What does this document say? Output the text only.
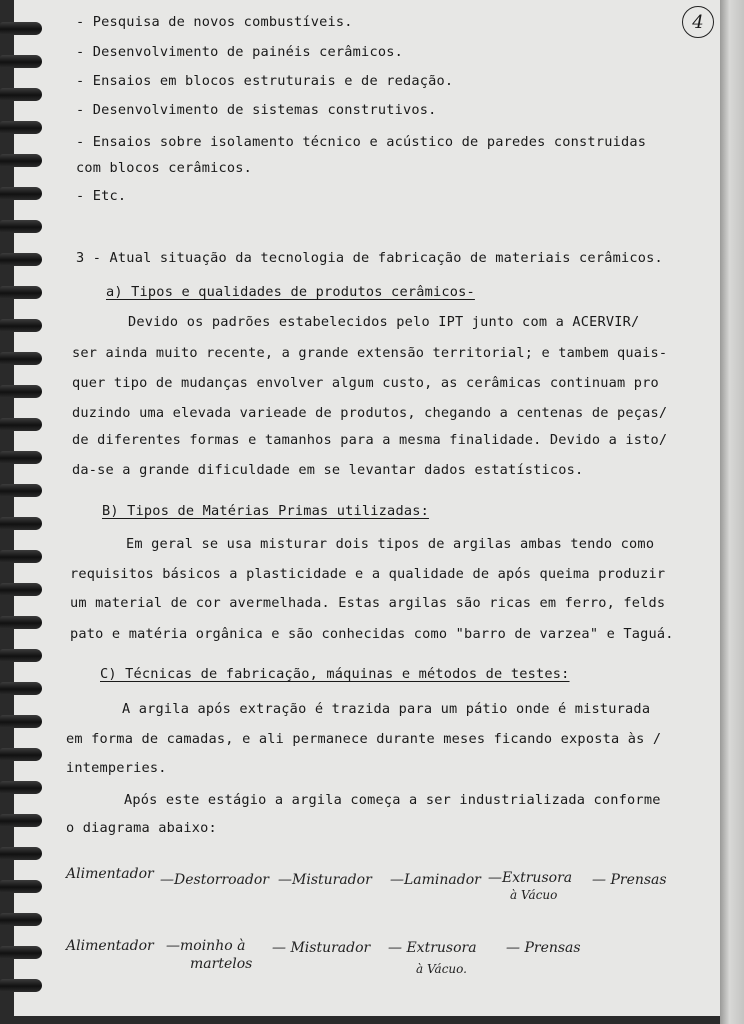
4
- Pesquisa de novos combustíveis.
- Desenvolvimento de painéis cerâmicos.
- Ensaios em blocos estruturais e de redação.
- Desenvolvimento de sistemas construtivos.
- Ensaios sobre isolamento técnico e acústico de paredes construidas
com blocos cerâmicos.
- Etc.
3 - Atual situação da tecnologia de fabricação de materiais cerâmicos.
a) Tipos e qualidades de produtos cerâmicos-
Devido os padrões estabelecidos pelo IPT junto com a ACERVIR/
ser ainda muito recente, a grande extensão territorial; e tambem quais-
quer tipo de mudanças envolver algum custo, as cerâmicas continuam pro
duzindo uma elevada varieade de produtos, chegando a centenas de peças/
de diferentes formas e tamanhos para a mesma finalidade. Devido a isto/
da-se a grande dificuldade em se levantar dados estatísticos.
B) Tipos de Matérias Primas utilizadas:
Em geral se usa misturar dois tipos de argilas ambas tendo como
requisitos básicos a plasticidade e a qualidade de após queima produzir
um material de cor avermelhada. Estas argilas são ricas em ferro, felds
pato e matéria orgânica e são conhecidas como "barro de varzea" e Taguá.
C) Técnicas de fabricação, máquinas e métodos de testes:
A argila após extração é trazida para um pátio onde é misturada
em forma de camadas, e ali permanece durante meses ficando exposta às /
intemperies.
Após este estágio a argila começa a ser industrializada conforme
o diagrama abaixo:
Alimentador —Destorroador —Misturador —Laminador —Extrusora
à Vácuo
— Prensas
Alimentador —moinho à
martelos
— Misturador — Extrusora
à Vácuo.
— Prensas
